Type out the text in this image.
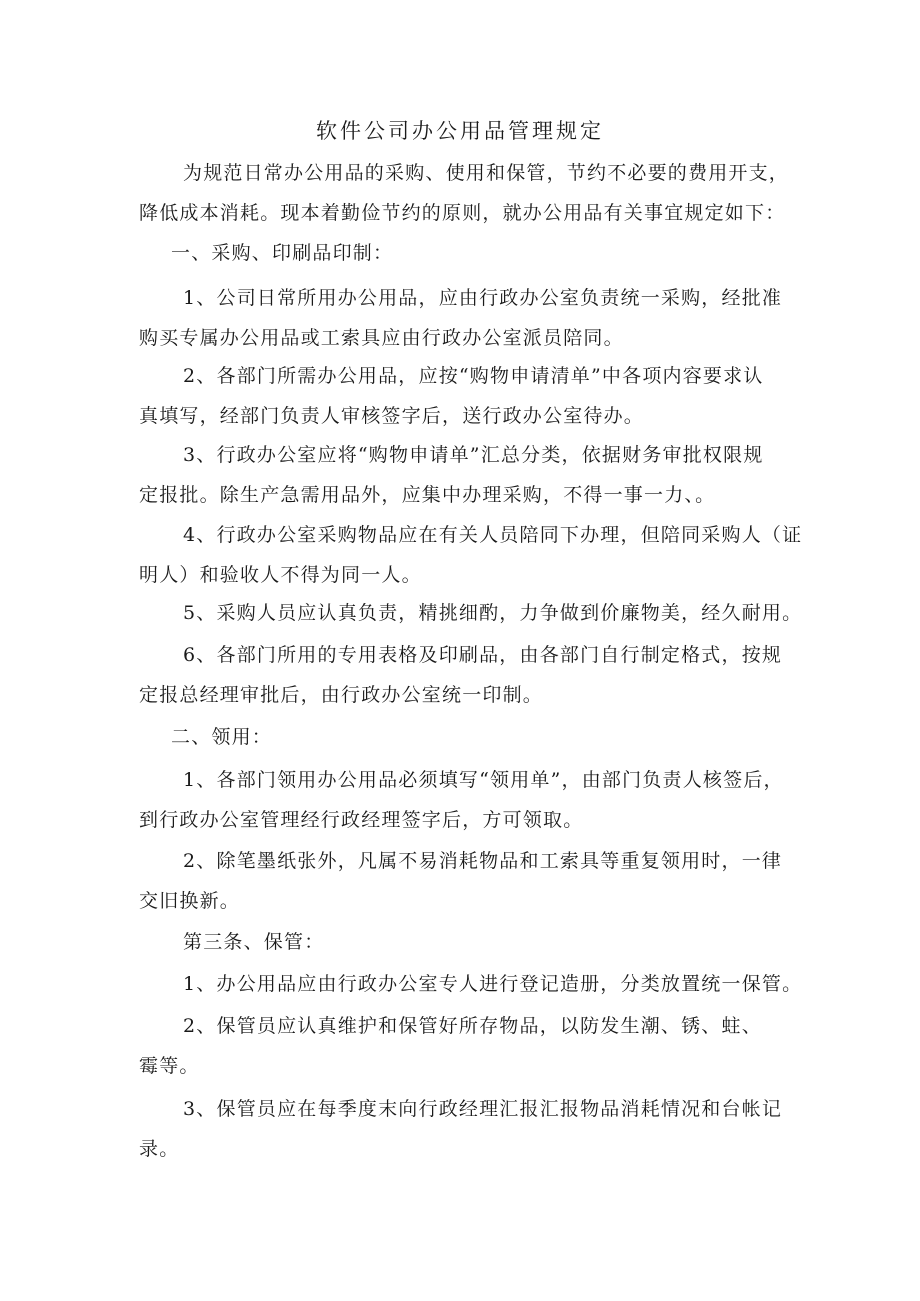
软件公司办公用品管理规定
为规范日常办公用品的采购、使用和保管，节约不必要的费用开支，
降低成本消耗。现本着勤俭节约的原则，就办公用品有关事宜规定如下：
一、采购、印刷品印制：
1、公司日常所用办公用品，应由行政办公室负责统一采购，经批准
购买专属办公用品或工索具应由行政办公室派员陪同。
2、各部门所需办公用品，应按“购物申请清单”中各项内容要求认
真填写，经部门负责人审核签字后，送行政办公室待办。
3、行政办公室应将“购物申请单”汇总分类，依据财务审批权限规
定报批。除生产急需用品外，应集中办理采购，不得一事一力、。
4、行政办公室采购物品应在有关人员陪同下办理，但陪同采购人（证
明人）和验收人不得为同一人。
5、采购人员应认真负责，精挑细酌，力争做到价廉物美，经久耐用。
6、各部门所用的专用表格及印刷品，由各部门自行制定格式，按规
定报总经理审批后，由行政办公室统一印制。
二、领用：
1、各部门领用办公用品必须填写“领用单”，由部门负责人核签后，
到行政办公室管理经行政经理签字后，方可领取。
2、除笔墨纸张外，凡属不易消耗物品和工索具等重复领用时，一律
交旧换新。
第三条、保管：
1、办公用品应由行政办公室专人进行登记造册，分类放置统一保管。
2、保管员应认真维护和保管好所存物品，以防发生潮、锈、蛀、
霉等。
3、保管员应在每季度末向行政经理汇报汇报物品消耗情况和台帐记
录。
